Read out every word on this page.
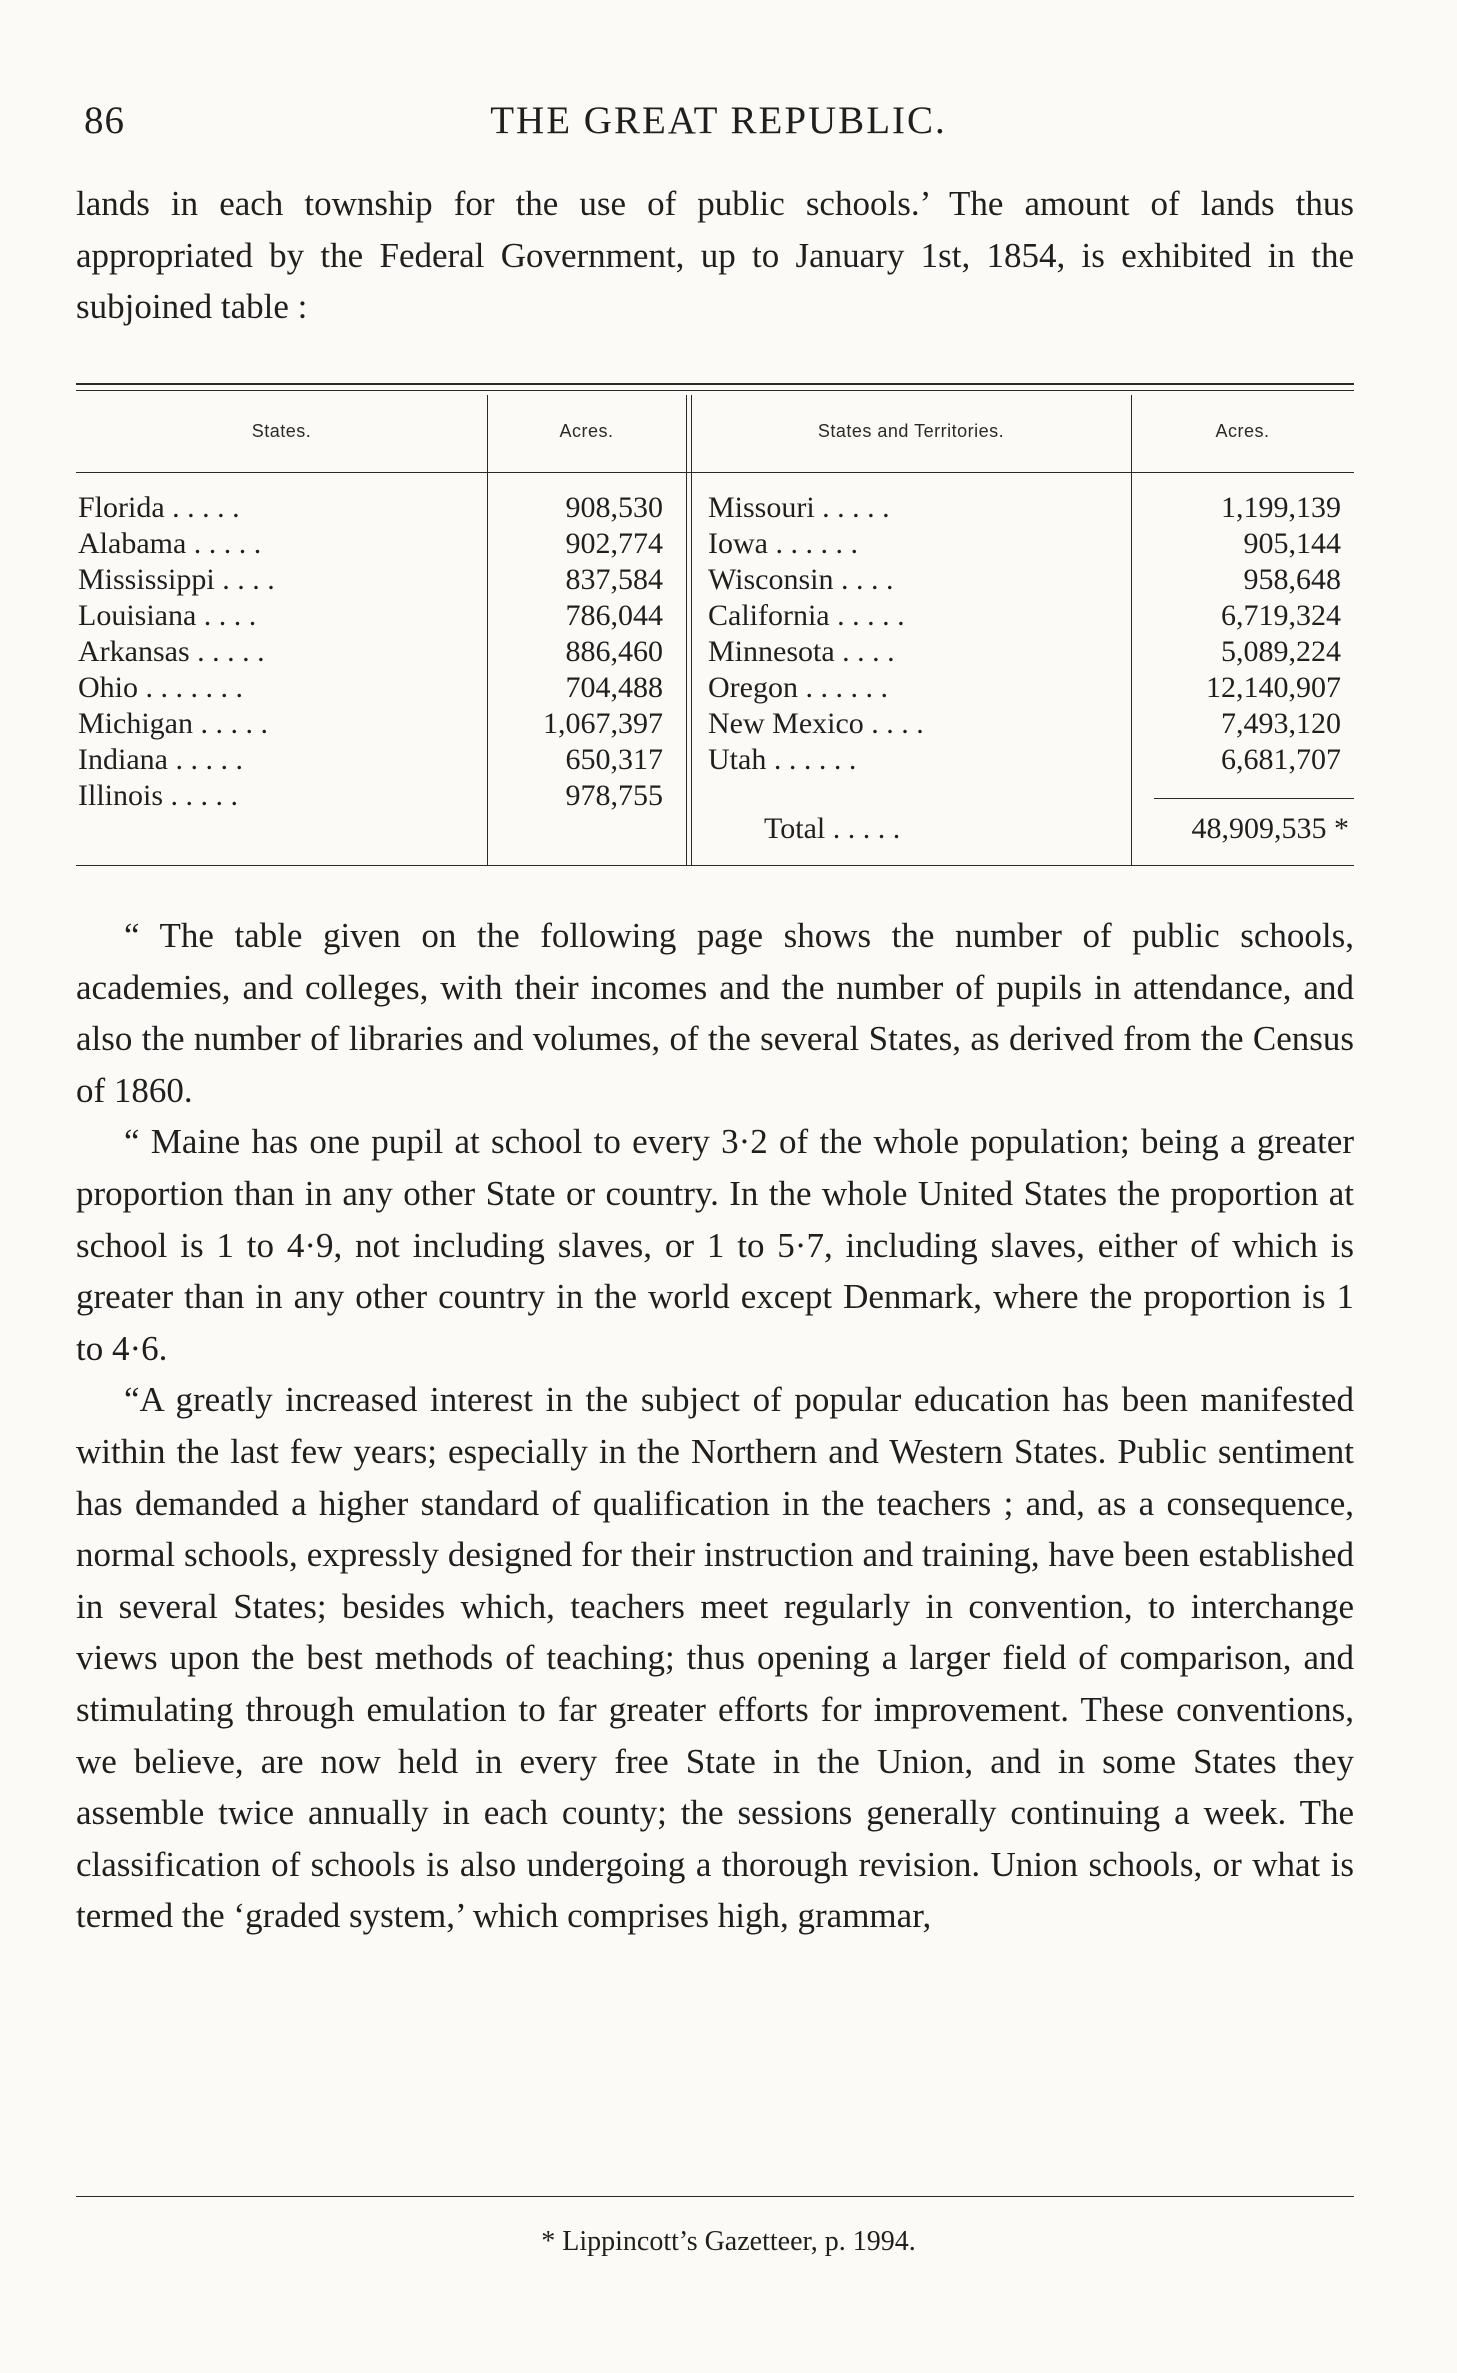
86	THE GREAT REPUBLIC.

lands in each township for the use of public schools.’ The amount of lands thus appropriated by the Federal Government, up to January 1st, 1854, is exhibited in the subjoined table :

States.	Acres.	States and Territories.	Acres.
Florida . . . . .	908,530 Missouri . . . . .	1,199,139
Alabama . . . . .	902,774 Iowa . . . . . .	905,144
Mississippi . . . .	837,584 Wisconsin . . . .	958,648
Louisiana . . . .	786,044 California . . . . .	6,719,324
Arkansas . . . . .	886,460 Minnesota . . . .	5,089,224
Ohio . . . . . . .	704,488 Oregon . . . . . .	12,140,907
Michigan . . . . .	1,067,397 New Mexico . . . .	7,493,120
Indiana . . . . .	650,317 Utah . . . . . .	6,681,707
Illinois . . . . .	978,755
Total . . . . .	48,909,535 *

“ The table given on the following page shows the number of public schools, academies, and colleges, with their incomes and the number of pupils in attendance, and also the number of libraries and volumes, of the several States, as derived from the Census of 1860.

“ Maine has one pupil at school to every 3·2 of the whole population; being a greater proportion than in any other State or country. In the whole United States the proportion at school is 1 to 4·9, not including slaves, or 1 to 5·7, including slaves, either of which is greater than in any other country in the world except Denmark, where the proportion is 1 to 4·6.

“A greatly increased interest in the subject of popular education has been manifested within the last few years; especially in the Northern and Western States. Public sentiment has demanded a higher standard of qualification in the teachers ; and, as a consequence, normal schools, expressly designed for their instruction and training, have been established in several States; besides which, teachers meet regularly in convention, to interchange views upon the best methods of teaching; thus opening a larger field of comparison, and stimulating through emulation to far greater efforts for improvement. These conventions, we believe, are now held in every free State in the Union, and in some States they assemble twice annually in each county; the sessions generally continuing a week. The classification of schools is also undergoing a thorough revision. Union schools, or what is termed the ‘graded system,’ which comprises high, grammar,

* Lippincott’s Gazetteer, p. 1994.
